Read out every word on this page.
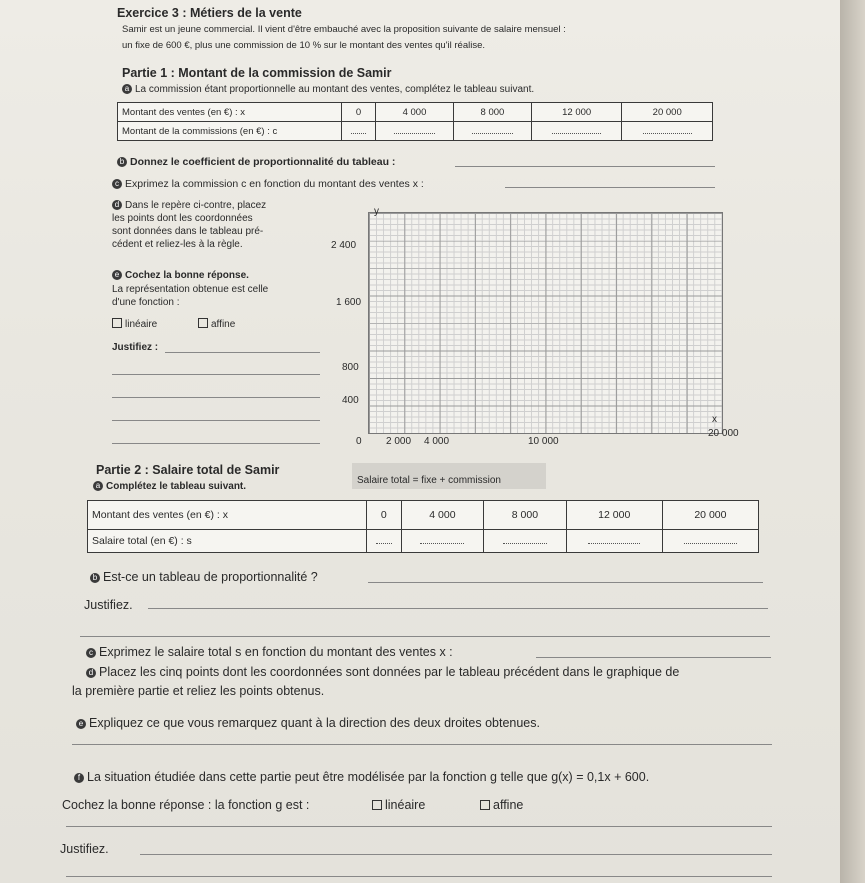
Exercice 3 : Métiers de la vente
Samir est un jeune commercial. Il vient d'être embauché avec la proposition suivante de salaire mensuel :
un fixe de 600 €, plus une commission de 10 % sur le montant des ventes qu'il réalise.
Partie 1 : Montant de la commission de Samir
a La commission étant proportionnelle au montant des ventes, complétez le tableau suivant.
Montant des ventes (en €) : x	0	4 000	8 000	12 000	20 000
Montant de la commissions (en €) : c					
b Donnez le coefficient de proportionnalité du tableau :
c Exprimez la commission c en fonction du montant des ventes x :
d Dans le repère ci-contre, placez
les points dont les coordonnées
sont données dans le tableau pré-
cédent et reliez-les à la règle.
e Cochez la bonne réponse.
La représentation obtenue est celle
d'une fonction :
linéaire	affine
Justifiez :
y
x
2 400
1 600
800
400
0 2 000 4 000	10 000
20 000
Partie 2 : Salaire total de Samir
a Complétez le tableau suivant.
Salaire total = fixe + commission
Montant des ventes (en €) : x	0	4 000	8 000	12 000	20 000
Salaire total (en €) : s					
b Est-ce un tableau de proportionnalité ?
Justifiez.
c Exprimez le salaire total s en fonction du montant des ventes x :
d Placez les cinq points dont les coordonnées sont données par le tableau précédent dans le graphique de
la première partie et reliez les points obtenus.
e Expliquez ce que vous remarquez quant à la direction des deux droites obtenues.
f La situation étudiée dans cette partie peut être modélisée par la fonction g telle que g(x) = 0,1x + 600.
Cochez la bonne réponse : la fonction g est :	linéaire	affine
Justifiez.
